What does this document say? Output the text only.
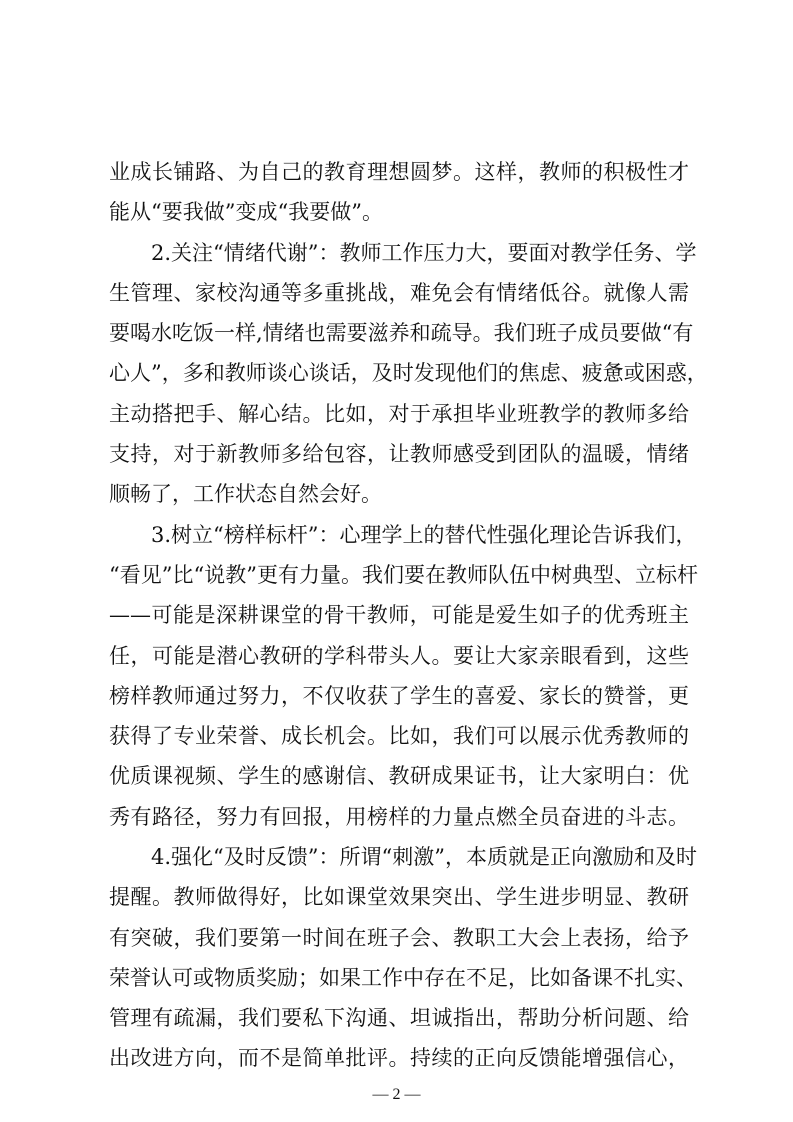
业成长铺路、为自己的教育理想圆梦。这样，教师的积极性才
能从“要我做”变成“我要做”。
2.关注“情绪代谢”：教师工作压力大，要面对教学任务、学
生管理、家校沟通等多重挑战，难免会有情绪低谷。就像人需
要喝水吃饭一样,情绪也需要滋养和疏导。我们班子成员要做“有
心人”，多和教师谈心谈话，及时发现他们的焦虑、疲惫或困惑，
主动搭把手、解心结。比如，对于承担毕业班教学的教师多给
支持，对于新教师多给包容，让教师感受到团队的温暖，情绪
顺畅了，工作状态自然会好。
3.树立“榜样标杆”：心理学上的替代性强化理论告诉我们，
“看见”比“说教”更有力量。我们要在教师队伍中树典型、立标杆
——可能是深耕课堂的骨干教师，可能是爱生如子的优秀班主
任，可能是潜心教研的学科带头人。要让大家亲眼看到，这些
榜样教师通过努力，不仅收获了学生的喜爱、家长的赞誉，更
获得了专业荣誉、成长机会。比如，我们可以展示优秀教师的
优质课视频、学生的感谢信、教研成果证书，让大家明白：优
秀有路径，努力有回报，用榜样的力量点燃全员奋进的斗志。
4.强化“及时反馈”：所谓“刺激”，本质就是正向激励和及时
提醒。教师做得好，比如课堂效果突出、学生进步明显、教研
有突破，我们要第一时间在班子会、教职工大会上表扬，给予
荣誉认可或物质奖励；如果工作中存在不足，比如备课不扎实、
管理有疏漏，我们要私下沟通、坦诚指出，帮助分析问题、给
出改进方向，而不是简单批评。持续的正向反馈能增强信心，
— 2 —
